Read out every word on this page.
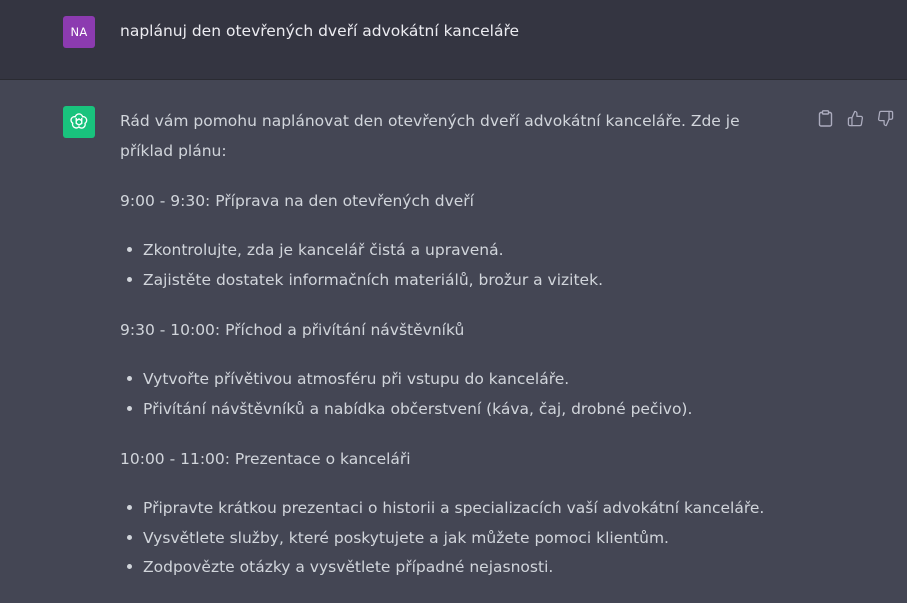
NA	naplánuj den otevřených dveří advokátní kanceláře
Rád vám pomohu naplánovat den otevřených dveří advokátní kanceláře. Zde je příklad plánu:
9:00 - 9:30: Příprava na den otevřených dveří
Zkontrolujte, zda je kancelář čistá a upravená.
Zajistěte dostatek informačních materiálů, brožur a vizitek.
9:30 - 10:00: Příchod a přivítání návštěvníků
Vytvořte přívětivou atmosféru při vstupu do kanceláře.
Přivítání návštěvníků a nabídka občerstvení (káva, čaj, drobné pečivo).
10:00 - 11:00: Prezentace o kanceláři
Připravte krátkou prezentaci o historii a specializacích vaší advokátní kanceláře.
Vysvětlete služby, které poskytujete a jak můžete pomoci klientům.
Zodpovězte otázky a vysvětlete případné nejasnosti.
